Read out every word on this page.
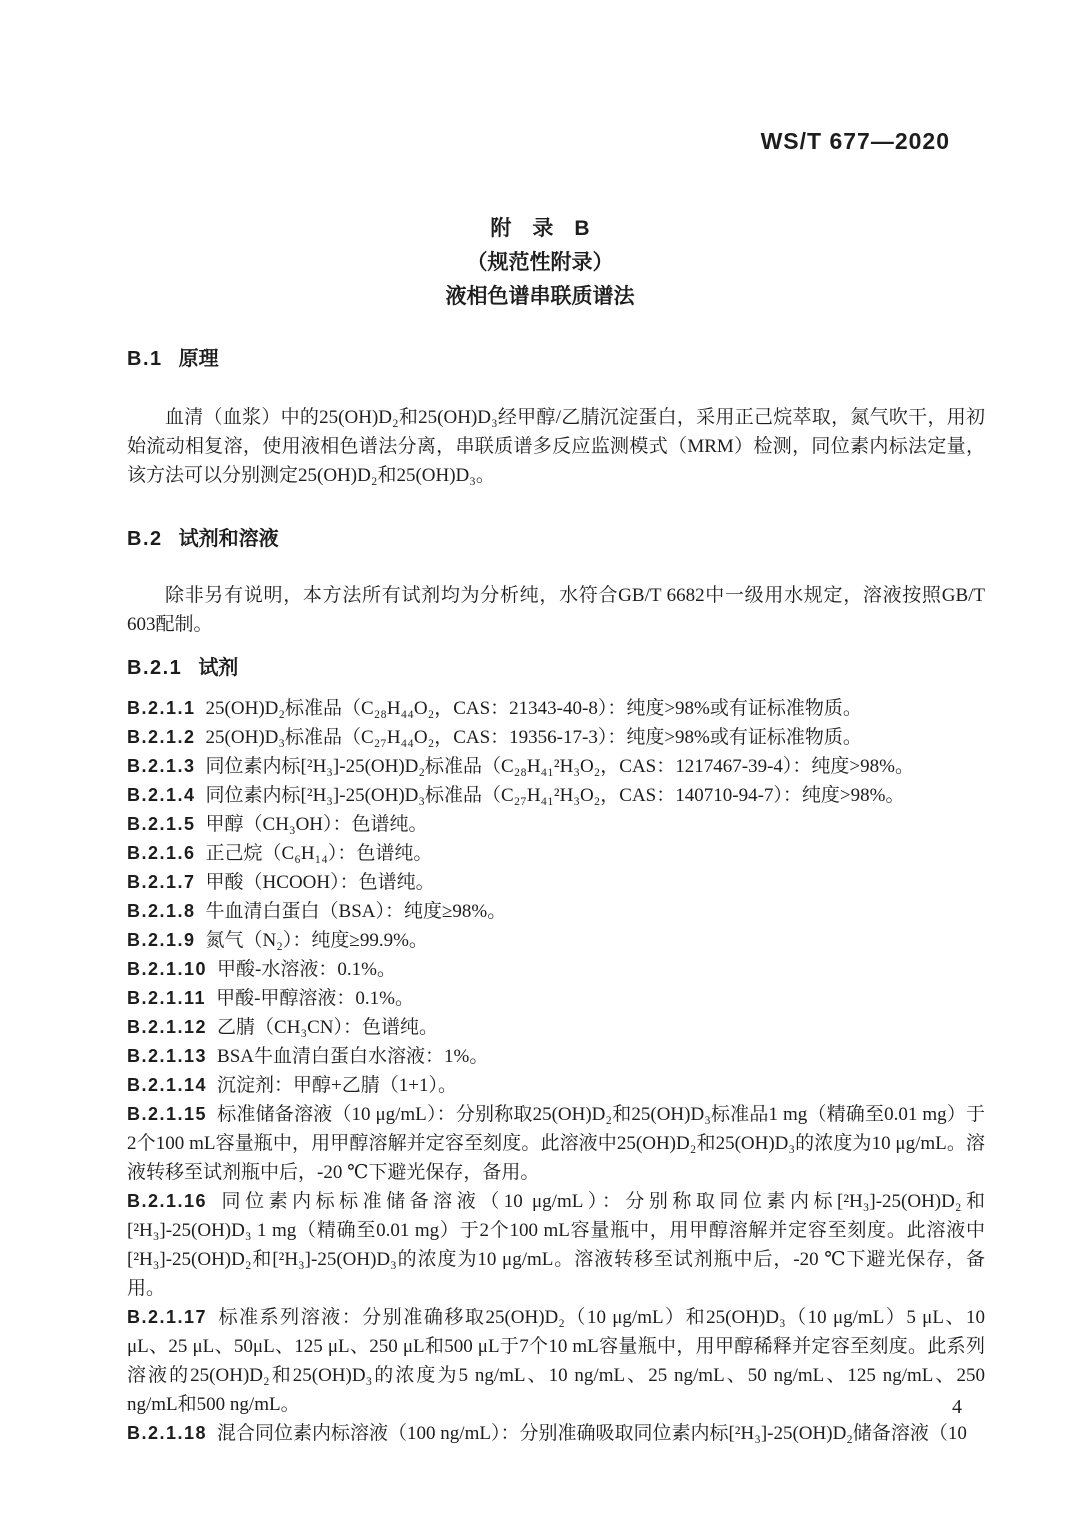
WS/T 677—2020
附　录　B
（规范性附录）
液相色谱串联质谱法
B.1 原理

血清（血浆）中的25(OH)D₂和25(OH)D₃经甲醇/乙腈沉淀蛋白，采用正己烷萃取，氮气吹干，用初始流动相复溶，使用液相色谱法分离，串联质谱多反应监测模式（MRM）检测，同位素内标法定量，该方法可以分别测定25(OH)D₂和25(OH)D₃。

B.2 试剂和溶液

除非另有说明，本方法所有试剂均为分析纯，水符合GB/T 6682中一级用水规定，溶液按照GB/T 603配制。

B.2.1 试剂

B.2.1.1 25(OH)D₂标准品（C₂₈H₄₄O₂，CAS：21343-40-8）：纯度>98%或有证标准物质。

B.2.1.2 25(OH)D₃标准品（C₂₇H₄₄O₂，CAS：19356-17-3）：纯度>98%或有证标准物质。

B.2.1.3 同位素内标[²H₃]-25(OH)D₂标准品（C₂₈H₄₁²H₃O₂，CAS：1217467-39-4）：纯度>98%。

B.2.1.4 同位素内标[²H₃]-25(OH)D₃标准品（C₂₇H₄₁²H₃O₂，CAS：140710-94-7）：纯度>98%。

B.2.1.5 甲醇（CH₃OH）：色谱纯。

B.2.1.6 正己烷（C₆H₁₄）：色谱纯。

B.2.1.7 甲酸（HCOOH）：色谱纯。

B.2.1.8 牛血清白蛋白（BSA）：纯度≥98%。

B.2.1.9 氮气（N₂）：纯度≥99.9%。

B.2.1.10 甲酸-水溶液：0.1%。

B.2.1.11 甲酸-甲醇溶液：0.1%。

B.2.1.12 乙腈（CH₃CN）：色谱纯。

B.2.1.13 BSA牛血清白蛋白水溶液：1%。

B.2.1.14 沉淀剂：甲醇+乙腈（1+1）。

B.2.1.15 标准储备溶液（10 μg/mL）：分别称取25(OH)D₂和25(OH)D₃标准品1 mg（精确至0.01 mg）于2个100 mL容量瓶中，用甲醇溶解并定容至刻度。此溶液中25(OH)D₂和25(OH)D₃的浓度为10 μg/mL。溶液转移至试剂瓶中后，-20 ℃下避光保存，备用。

B.2.1.16 同位素内标标准储备溶液（10 μg/mL）：分别称取同位素内标[²H₃]-25(OH)D₂和[²H₃]-25(OH)D₃ 1 mg（精确至0.01 mg）于2个100 mL容量瓶中，用甲醇溶解并定容至刻度。此溶液中[²H₃]-25(OH)D₂和[²H₃]-25(OH)D₃的浓度为10 μg/mL。溶液转移至试剂瓶中后，-20 ℃下避光保存，备用。

B.2.1.17 标准系列溶液：分别准确移取25(OH)D₂（10 μg/mL）和25(OH)D₃（10 μg/mL）5 μL、10 μL、25 μL、50μL、125 μL、250 μL和500 μL于7个10 mL容量瓶中，用甲醇稀释并定容至刻度。此系列溶液的25(OH)D₂和25(OH)D₃的浓度为5 ng/mL、10 ng/mL、25 ng/mL、50 ng/mL、125 ng/mL、250 ng/mL和500 ng/mL。

B.2.1.18 混合同位素内标溶液（100 ng/mL）：分别准确吸取同位素内标[²H₃]-25(OH)D₂储备溶液（10

4
